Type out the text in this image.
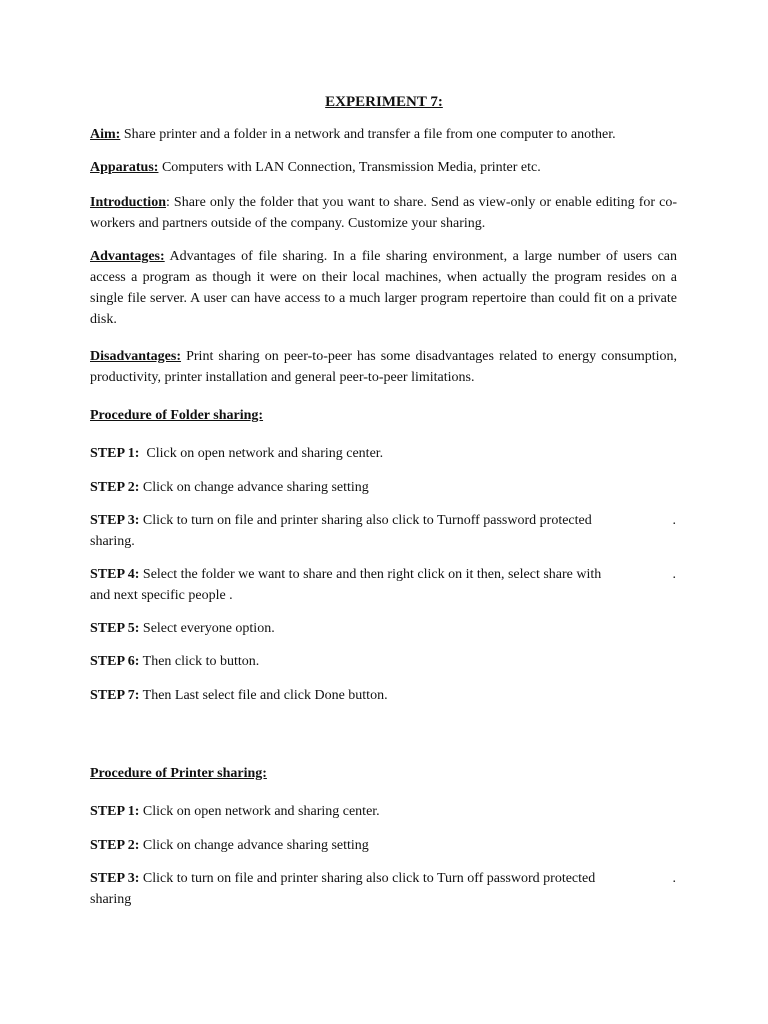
EXPERIMENT 7:

Aim: Share printer and a folder in a network and transfer a file from one computer to another.

Apparatus: Computers with LAN Connection, Transmission Media, printer etc.

Introduction: Share only the folder that you want to share. Send as view-only or enable editing for co-workers and partners outside of the company. Customize your sharing.

Advantages: Advantages of file sharing. In a file sharing environment, a large number of users can access a program as though it were on their local machines, when actually the program resides on a single file server. A user can have access to a much larger program repertoire than could fit on a private disk.

Disadvantages: Print sharing on peer-to-peer has some disadvantages related to energy consumption, productivity, printer installation and general peer-to-peer limitations.

Procedure of Folder sharing:

STEP 1:  Click on open network and sharing center.

STEP 2: Click on change advance sharing setting

STEP 3: Click to turn on file and printer sharing also click to Turnoff password protected	.
sharing.
STEP 4: Select the folder we want to share and then right click on it then, select share with	.
and next specific people .

STEP 5: Select everyone option.

STEP 6: Then click to button.

STEP 7: Then Last select file and click Done button.

Procedure of Printer sharing:

STEP 1: Click on open network and sharing center.

STEP 2: Click on change advance sharing setting

STEP 3: Click to turn on file and printer sharing also click to Turn off password protected	.
sharing
